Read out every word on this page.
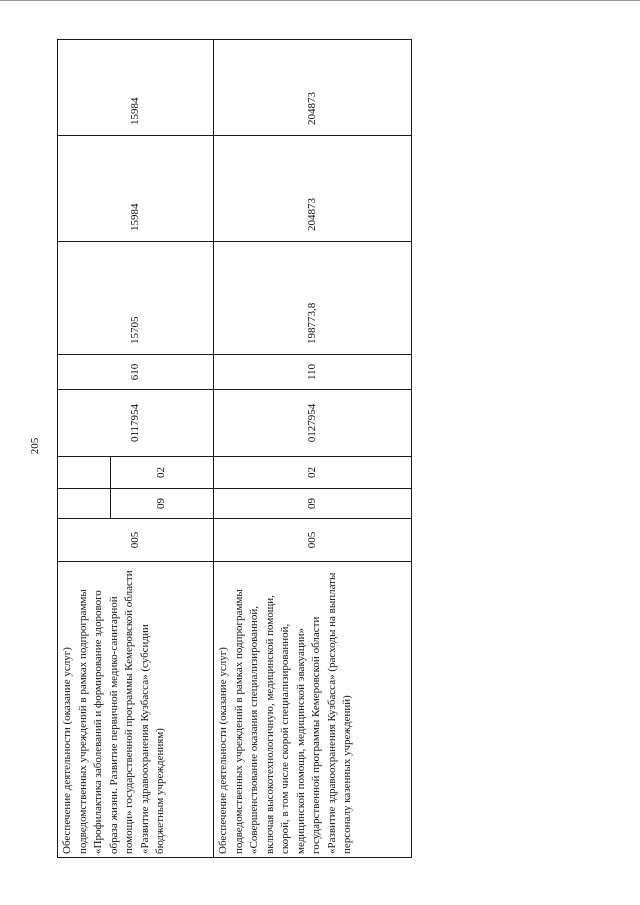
205
Обеспечение деятельности (оказание услуг) подведомственных учреждений в рамках подпрограммы «Профилактика заболеваний и формирование здорового образа жизни. Развитие первичной медико-санитарной помощи» государственной программы Кемеровской области «Развитие здравоохранения Кузбасса» (субсидии бюджетным учреждениям)	005	09	02	0117954	610	15705	15984	15984
Обеспечение деятельности (оказание услуг) подведомственных учреждений в рамках подпрограммы «Совершенствование оказания специализированной, включая высокотехнологичную, медицинской помощи, скорой, в том числе скорой специализированной, медицинской помощи, медицинской эвакуации» государственной программы Кемеровской области «Развитие здравоохранения Кузбасса» (расходы на выплаты персоналу казенных учреждений)	005	09	02	0127954	110	198773,8	204873	204873
